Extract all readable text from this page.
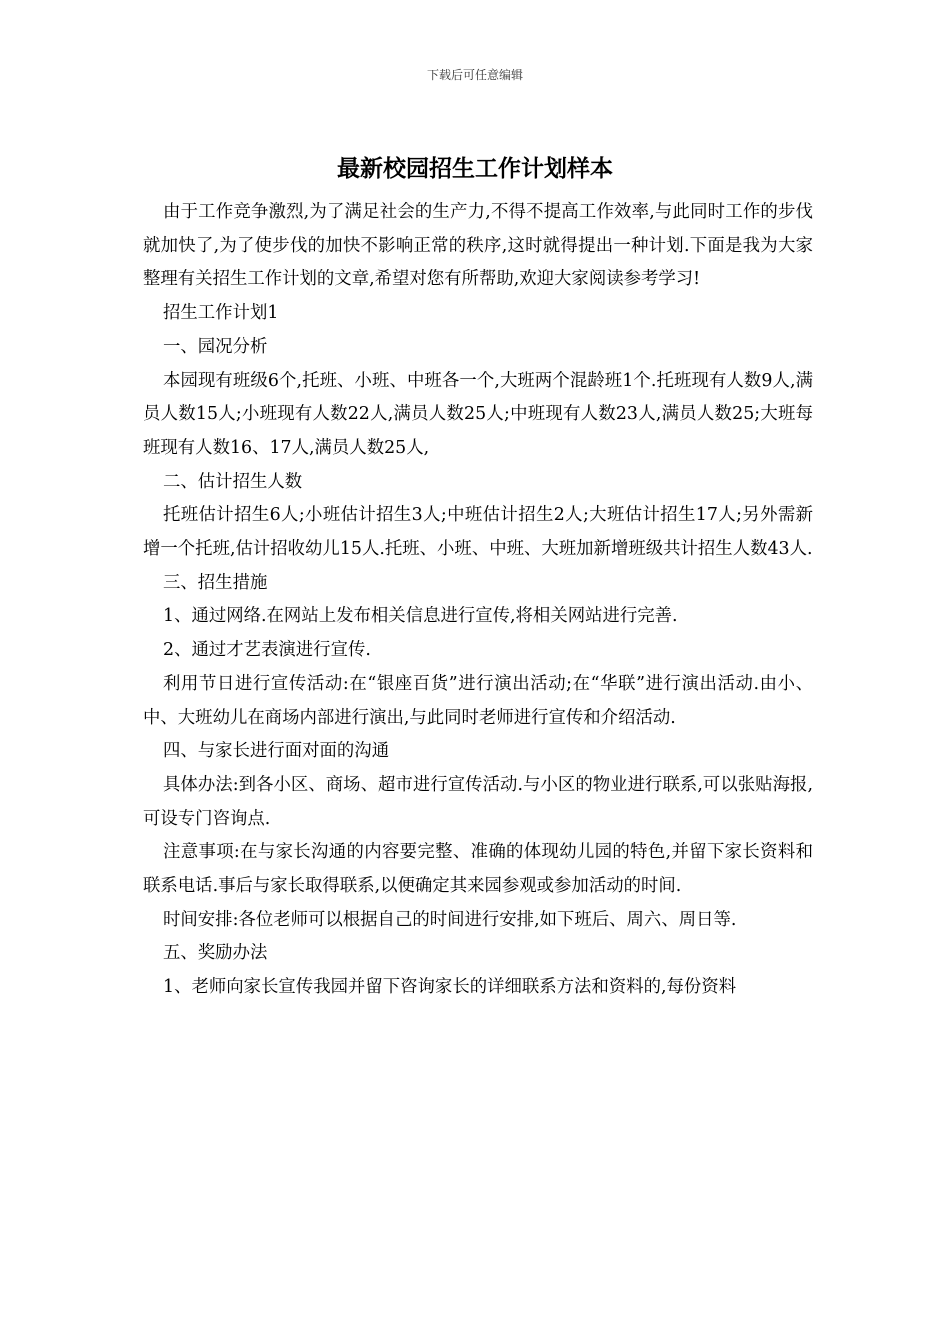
下载后可任意编辑
最新校园招生工作计划样本

由于工作竞争激烈,为了满足社会的生产力,不得不提高工作效率,与此同时工作的步伐就加快了,为了使步伐的加快不影响正常的秩序,这时就得提出一种计划.下面是我为大家整理有关招生工作计划的文章,希望对您有所帮助,欢迎大家阅读参考学习!

招生工作计划1

一、园况分析

本园现有班级6个,托班、小班、中班各一个,大班两个混龄班1个.托班现有人数9人,满员人数15人;小班现有人数22人,满员人数25人;中班现有人数23人,满员人数25;大班每班现有人数16、17人,满员人数25人,

二、估计招生人数

托班估计招生6人;小班估计招生3人;中班估计招生2人;大班估计招生17人;另外需新增一个托班,估计招收幼儿15人.托班、小班、中班、大班加新增班级共计招生人数43人.

三、招生措施

1、通过网络.在网站上发布相关信息进行宣传,将相关网站进行完善.

2、通过才艺表演进行宣传.

利用节日进行宣传活动:在“银座百货”进行演出活动;在“华联”进行演出活动.由小、中、大班幼儿在商场内部进行演出,与此同时老师进行宣传和介绍活动.

四、与家长进行面对面的沟通

具体办法:到各小区、商场、超市进行宣传活动.与小区的物业进行联系,可以张贴海报,可设专门咨询点.

注意事项:在与家长沟通的内容要完整、准确的体现幼儿园的特色,并留下家长资料和联系电话.事后与家长取得联系,以便确定其来园参观或参加活动的时间.

时间安排:各位老师可以根据自己的时间进行安排,如下班后、周六、周日等.

五、奖励办法

1、老师向家长宣传我园并留下咨询家长的详细联系方法和资料的,每份资料
